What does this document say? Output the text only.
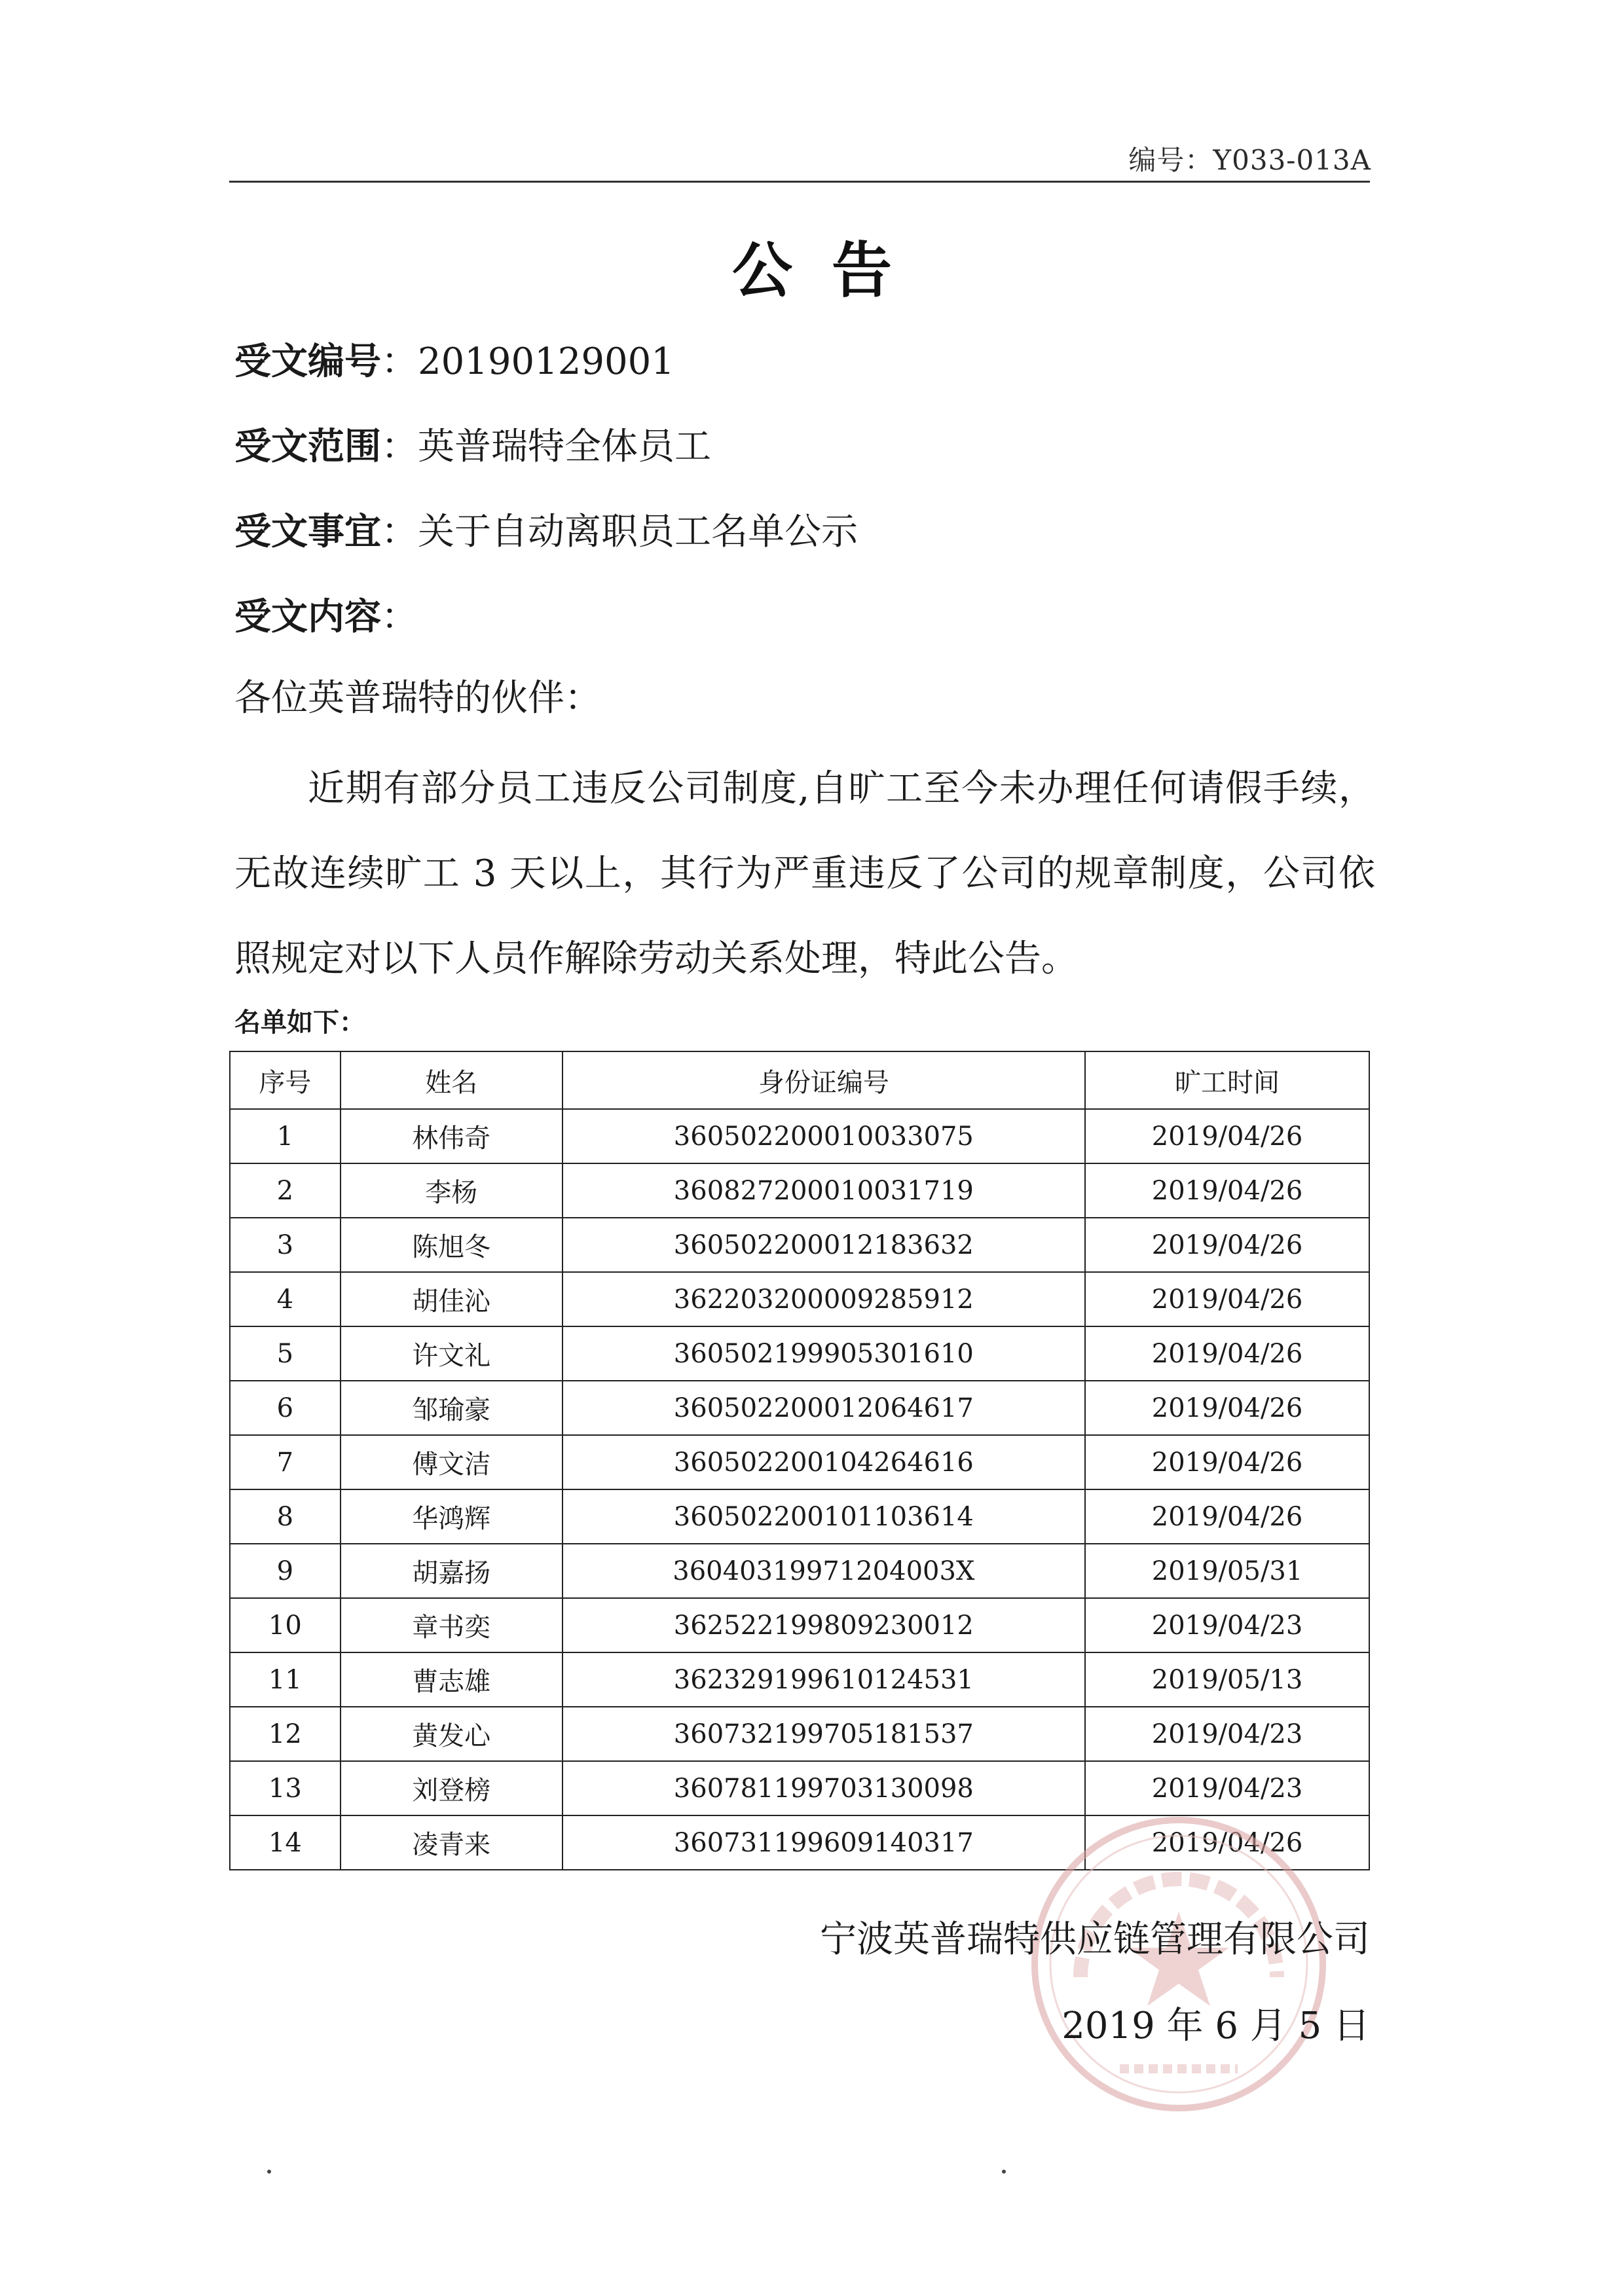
编号：Y033-013A
公告
受文编号 ： 20190129001
受文范围 ： 英普瑞特全体员工
受文事宜 ： 关于自动离职员工名单公示
受文内容 ：
各位英普瑞特的伙伴：
近期有部分员工违反公司制度,自旷工至今未办理任何请假手续，无故连续旷工 3 天以上，其行为严重违反了公司的规章制度，公司依照规定对以下人员作解除劳动关系处理，特此公告。
名单如下：
序号	姓名	身份证编号	旷工时间
1	林伟奇	360502200010033075	2019/04/26
2	李杨	360827200010031719	2019/04/26
3	陈旭冬	360502200012183632	2019/04/26
4	胡佳沁	362203200009285912	2019/04/26
5	许文礼	360502199905301610	2019/04/26
6	邹瑜豪	360502200012064617	2019/04/26
7	傅文洁	360502200104264616	2019/04/26
8	华鸿辉	360502200101103614	2019/04/26
9	胡嘉扬	36040319971204003X	2019/05/31
10	章书奕	362522199809230012	2019/04/23
11	曹志雄	362329199610124531	2019/05/13
12	黄发心	360732199705181537	2019/04/23
13	刘登榜	360781199703130098	2019/04/23
14	凌青来	360731199609140317	2019/04/26
宁波英普瑞特供应链管理有限公司
2019 年 6 月 5 日
